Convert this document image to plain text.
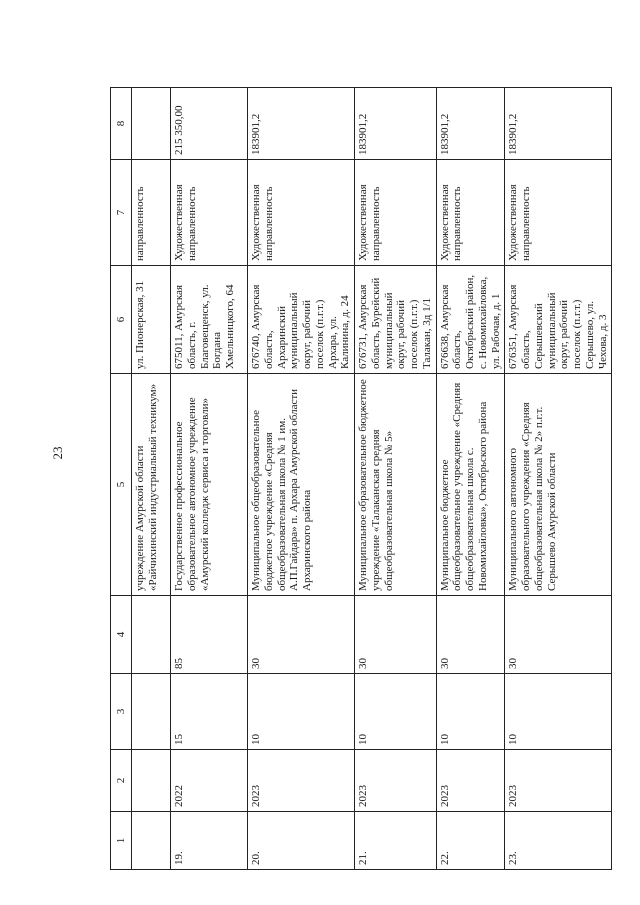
23
1	2	3	4	5	6	7	8
				учреждение Амурской области «Райчихинский индустриальный техникум»	ул. Пионерская, 31	направленность	
19.	2022	15	85	Государственное профессиональное образовательное автономное учреждение «Амурский колледж сервиса и торговли»	675011, Амурская область, г. Благовещенск, ул. Богдана Хмельницкого, 64	Художественная направленность	215 350,00
20.	2023	10	30	Муниципальное общеобразовательное бюджетное учреждение «Средняя общеобразовательная школа № 1 им. А.П.Гайдара» п. Архара Амурской области Архаринского района	676740, Амурская область, Архаринский муниципальный округ, рабочий поселок (п.г.т.) Архара, ул. Калинина, д. 24	Художественная направленность	183901,2
21.	2023	10	30	Муниципальное образовательное бюджетное учреждение «Талаканская средняя общеобразовательная школа № 5»	676731, Амурская область, Бурейский муниципальный округ, рабочий поселок (п.г.т.) Талакан, 3д 1/1	Художественная направленность	183901,2
22.	2023	10	30	Муниципальное бюджетное общеобразовательное учреждение «Средняя общеобразовательная школа с. Новомихайловка», Октябрьского района	676638, Амурская область, Октябрьский район, с. Новомихайловка, ул. Рабочая, д. 1	Художественная направленность	183901,2
23.	2023	10	30	Муниципального автономного образовательного учреждения «Средняя общеобразовательная школа № 2» п.г.т. Серышево Амурской области	676351, Амурская область, Серышевский муниципальный округ, рабочий поселок (п.г.т.) Серышево, ул. Чехова, д. 3	Художественная направленность	183901,2
